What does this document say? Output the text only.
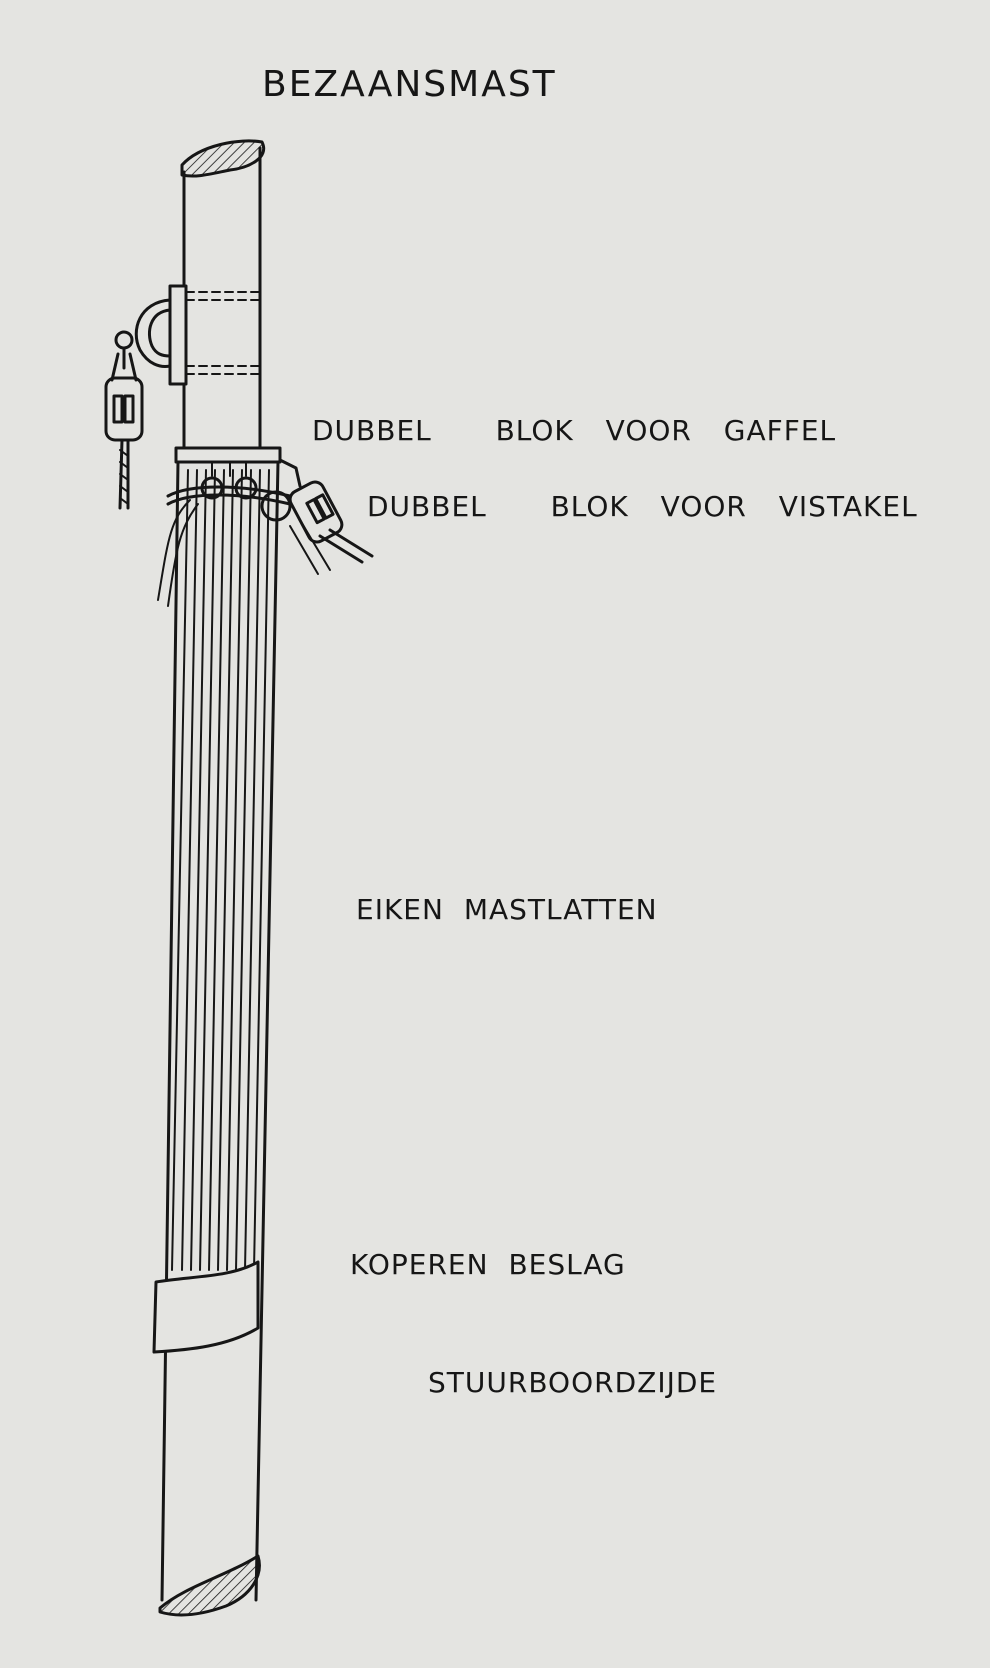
BEZAANSMAST
DUBBEL  BLOK VOOR GAFFEL
DUBBEL  BLOK VOOR VISTAKEL
EIKEN MASTLATTEN
KOPEREN BESLAG
STUURBOORDZIJDE
